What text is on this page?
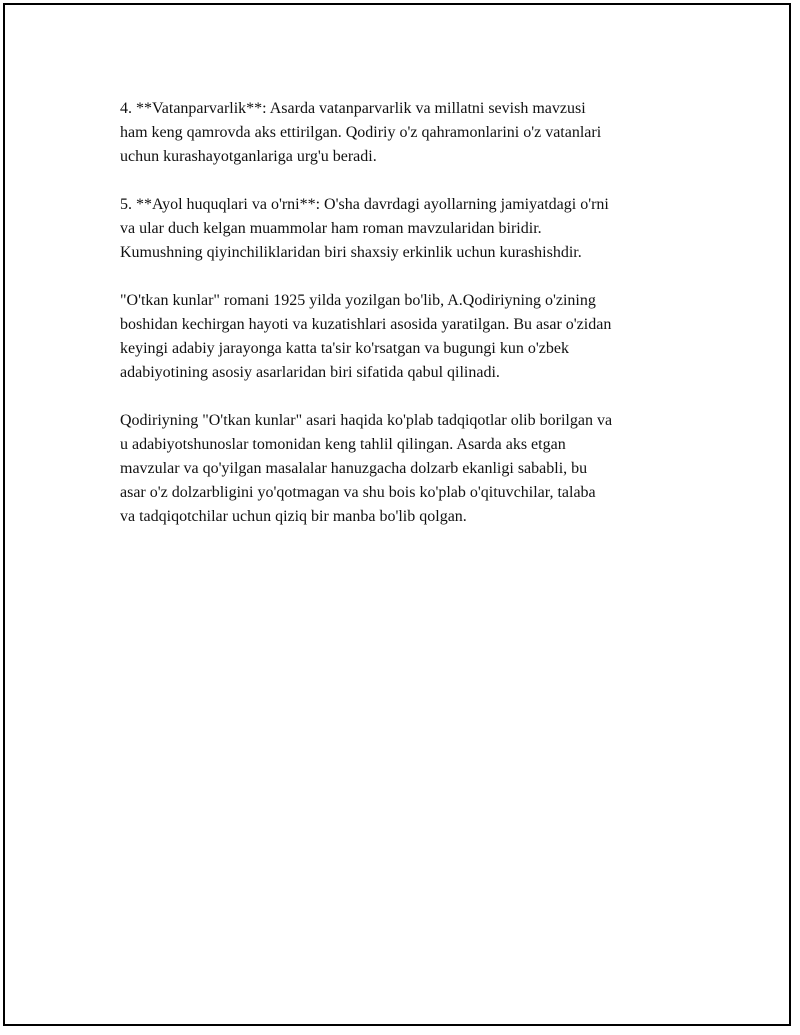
4. **Vatanparvarlik**: Asarda vatanparvarlik va millatni sevish mavzusi
ham keng qamrovda aks ettirilgan. Qodiriy o'z qahramonlarini o'z vatanlari
uchun kurashayotganlariga urg'u beradi.

5. **Ayol huquqlari va o'rni**: O'sha davrdagi ayollarning jamiyatdagi o'rni
va ular duch kelgan muammolar ham roman mavzularidan biridir.
Kumushning qiyinchiliklaridan biri shaxsiy erkinlik uchun kurashishdir.

"O'tkan kunlar" romani 1925 yilda yozilgan bo'lib, A.Qodiriyning o'zining
boshidan kechirgan hayoti va kuzatishlari asosida yaratilgan. Bu asar o'zidan
keyingi adabiy jarayonga katta ta'sir ko'rsatgan va bugungi kun o'zbek
adabiyotining asosiy asarlaridan biri sifatida qabul qilinadi.

Qodiriyning "O'tkan kunlar" asari haqida ko'plab tadqiqotlar olib borilgan va
u adabiyotshunoslar tomonidan keng tahlil qilingan. Asarda aks etgan
mavzular va qo'yilgan masalalar hanuzgacha dolzarb ekanligi sababli, bu
asar o'z dolzarbligini yo'qotmagan va shu bois ko'plab o'qituvchilar, talaba
va tadqiqotchilar uchun qiziq bir manba bo'lib qolgan.
